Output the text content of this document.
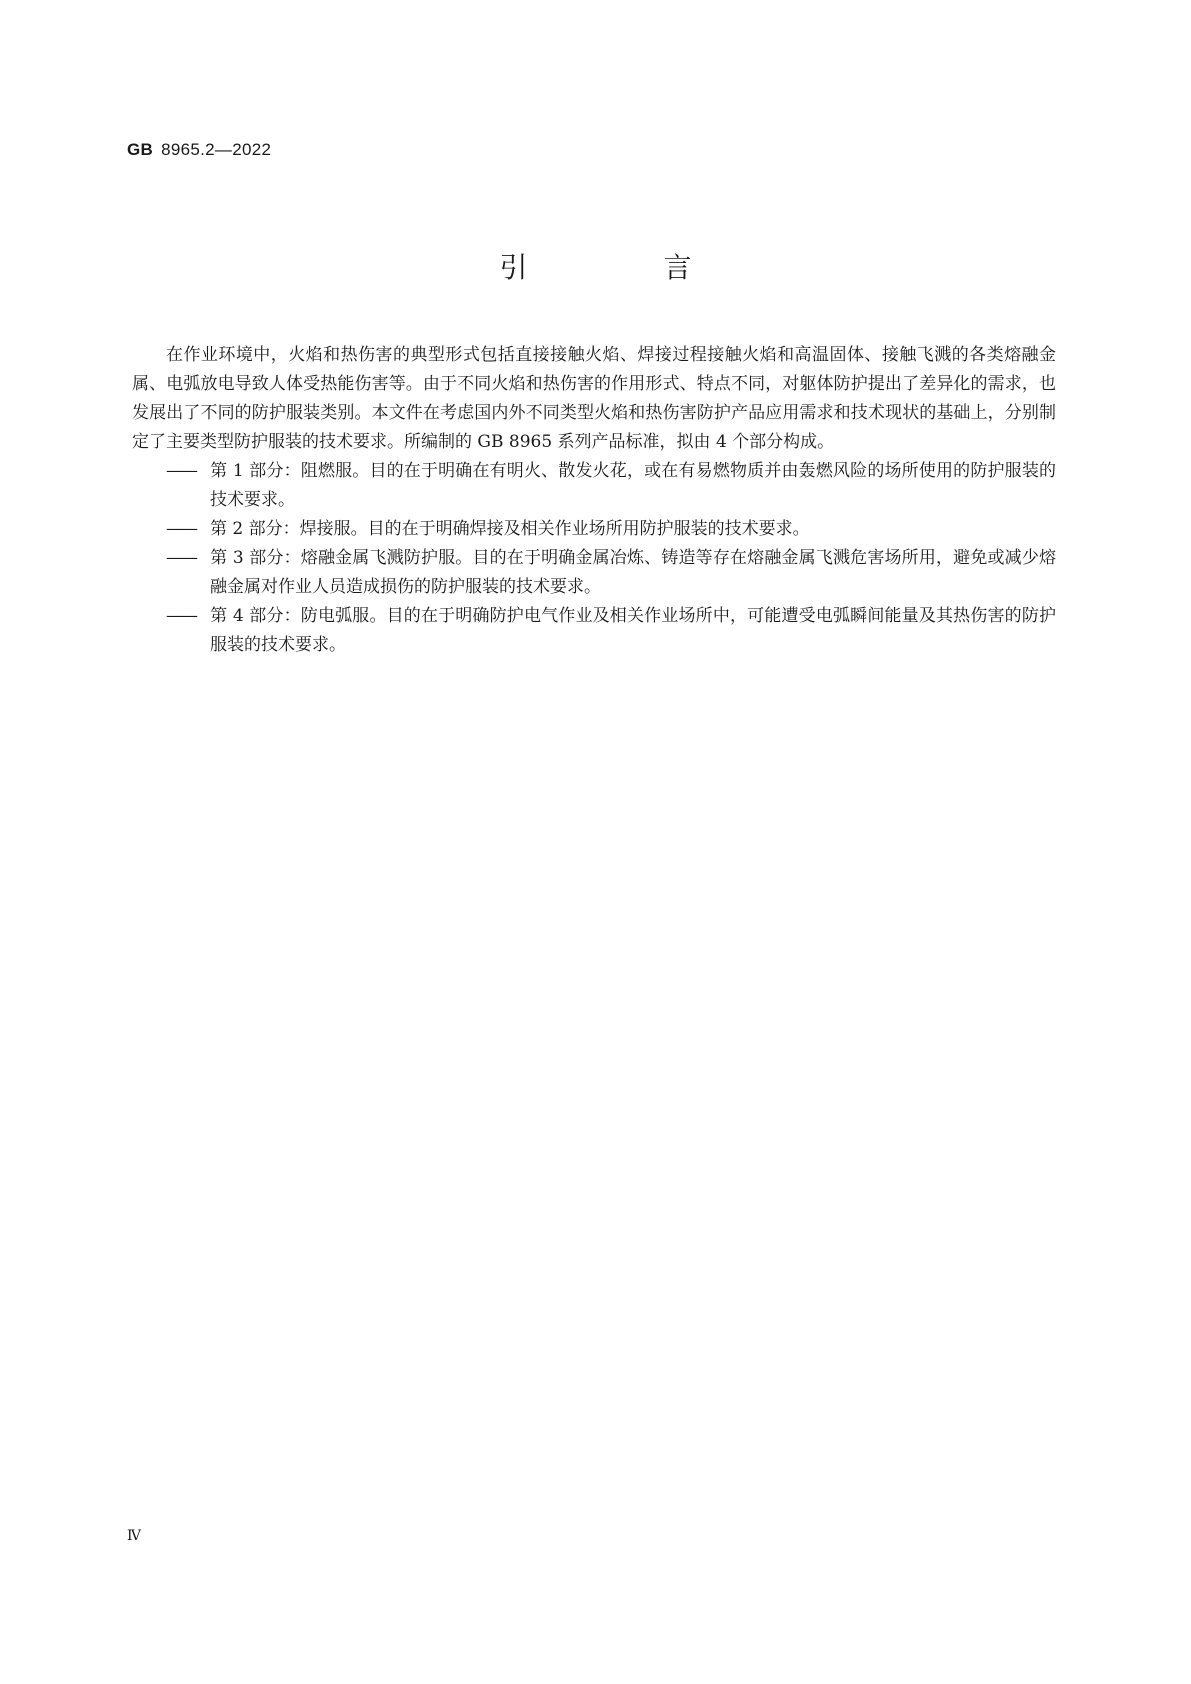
GB 8965.2—2022
引　言

在作业环境中，火焰和热伤害的典型形式包括直接接触火焰、焊接过程接触火焰和高温固体、接触飞溅的各类熔融金属、电弧放电导致人体受热能伤害等。由于不同火焰和热伤害的作用形式、特点不同，对躯体防护提出了差异化的需求，也发展出了不同的防护服装类别。本文件在考虑国内外不同类型火焰和热伤害防护产品应用需求和技术现状的基础上，分别制定了主要类型防护服装的技术要求。所编制的 GB 8965 系列产品标准，拟由 4 个部分构成。

—— 第 1 部分：阻燃服。目的在于明确在有明火、散发火花，或在有易燃物质并由轰燃风险的场所使用的防护服装的技术要求。
—— 第 2 部分：焊接服。目的在于明确焊接及相关作业场所用防护服装的技术要求。
—— 第 3 部分：熔融金属飞溅防护服。目的在于明确金属冶炼、铸造等存在熔融金属飞溅危害场所用，避免或减少熔融金属对作业人员造成损伤的防护服装的技术要求。
—— 第 4 部分：防电弧服。目的在于明确防护电气作业及相关作业场所中，可能遭受电弧瞬间能量及其热伤害的防护服装的技术要求。
Ⅳ
